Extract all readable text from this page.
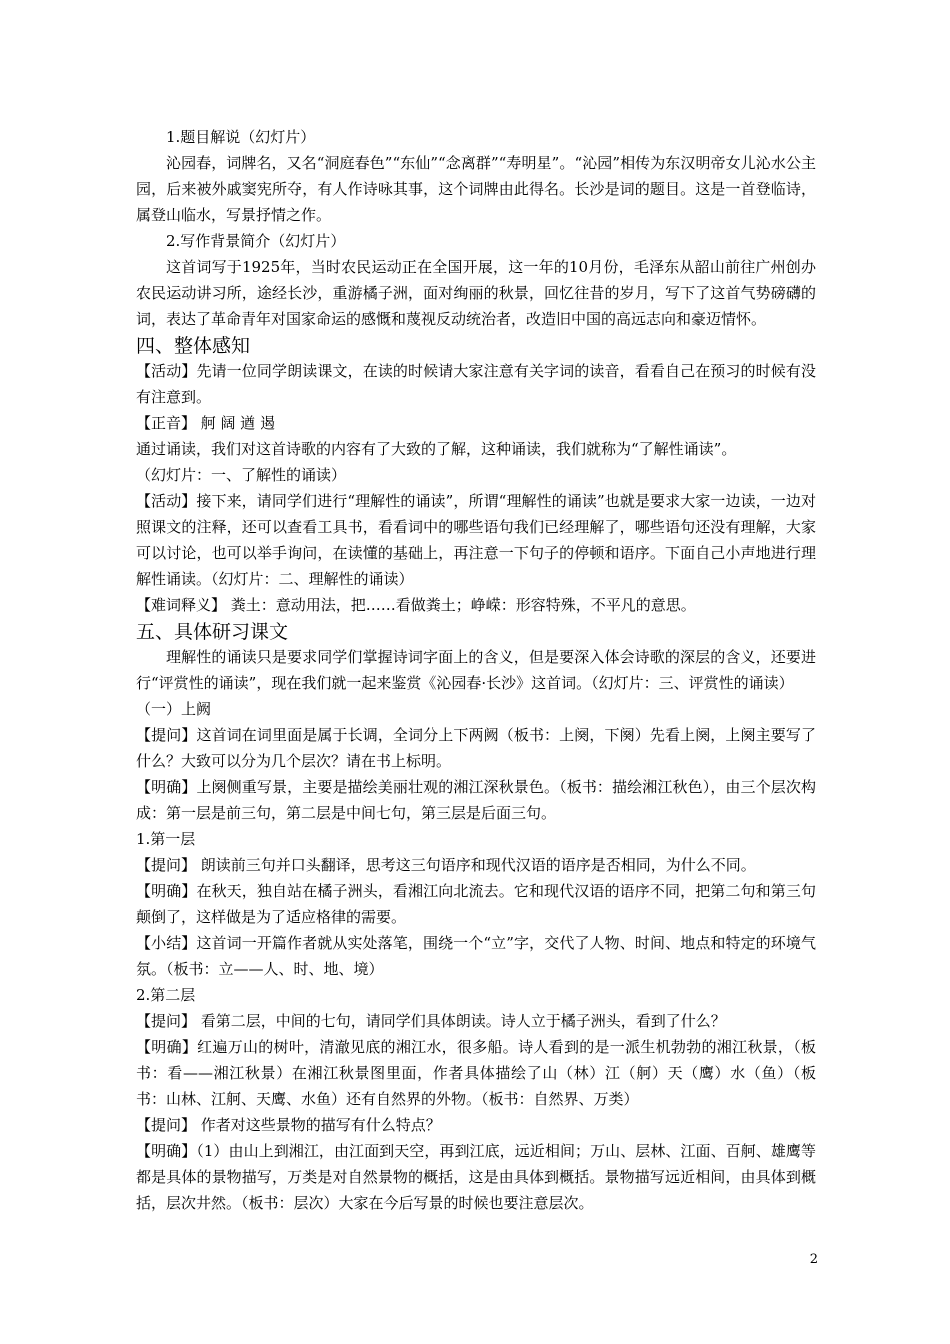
1.题目解说（幻灯片）
沁园春，词牌名，又名“洞庭春色”“东仙”“念离群”“寿明星”。“沁园”相传为东汉明帝女儿沁水公主园，后来被外戚窦宪所夺，有人作诗咏其事，这个词牌由此得名。长沙是词的题目。这是一首登临诗，属登山临水，写景抒情之作。
2.写作背景简介（幻灯片）
这首词写于1925年，当时农民运动正在全国开展，这一年的10月份，毛泽东从韶山前往广州创办农民运动讲习所，途经长沙，重游橘子洲，面对绚丽的秋景，回忆往昔的岁月，写下了这首气势磅礴的词，表达了革命青年对国家命运的感慨和蔑视反动统治者，改造旧中国的高远志向和豪迈情怀。
四、整体感知
【活动】先请一位同学朗读课文，在读的时候请大家注意有关字词的读音，看看自己在预习的时候有没有注意到。
【正音】 舸 阔 遒 遏
通过诵读，我们对这首诗歌的内容有了大致的了解，这种诵读，我们就称为“了解性诵读”。
（幻灯片：一、了解性的诵读）
【活动】接下来，请同学们进行“理解性的诵读”，所谓“理解性的诵读”也就是要求大家一边读，一边对照课文的注释，还可以查看工具书，看看词中的哪些语句我们已经理解了，哪些语句还没有理解，大家可以讨论，也可以举手询问，在读懂的基础上，再注意一下句子的停顿和语序。下面自己小声地进行理解性诵读。（幻灯片：二、理解性的诵读）
【难词释义】 粪土：意动用法，把……看做粪土；峥嵘：形容特殊，不平凡的意思。
五、具体研习课文
理解性的诵读只是要求同学们掌握诗词字面上的含义，但是要深入体会诗歌的深层的含义，还要进行“评赏性的诵读”，现在我们就一起来鉴赏《沁园春·长沙》这首词。（幻灯片：三、评赏性的诵读）
（一）上阙
【提问】这首词在词里面是属于长调，全词分上下两阙（板书：上阕，下阕）先看上阕，上阕主要写了什么？大致可以分为几个层次？请在书上标明。
【明确】上阕侧重写景，主要是描绘美丽壮观的湘江深秋景色。（板书：描绘湘江秋色），由三个层次构成：第一层是前三句，第二层是中间七句，第三层是后面三句。
1.第一层
【提问】 朗读前三句并口头翻译，思考这三句语序和现代汉语的语序是否相同，为什么不同。
【明确】在秋天，独自站在橘子洲头，看湘江向北流去。它和现代汉语的语序不同，把第二句和第三句颠倒了，这样做是为了适应格律的需要。
【小结】这首词一开篇作者就从实处落笔，围绕一个“立”字，交代了人物、时间、地点和特定的环境气氛。（板书：立——人、时、地、境）
2.第二层
【提问】 看第二层，中间的七句，请同学们具体朗读。诗人立于橘子洲头，看到了什么？
【明确】红遍万山的树叶，清澈见底的湘江水，很多船。诗人看到的是一派生机勃勃的湘江秋景，（板书：看——湘江秋景）在湘江秋景图里面，作者具体描绘了山（林）江（舸）天（鹰）水（鱼）（板书：山林、江舸、天鹰、水鱼）还有自然界的外物。（板书：自然界、万类）
【提问】 作者对这些景物的描写有什么特点？
【明确】（1）由山上到湘江，由江面到天空，再到江底，远近相间；万山、层林、江面、百舸、雄鹰等都是具体的景物描写，万类是对自然景物的概括，这是由具体到概括。景物描写远近相间，由具体到概括，层次井然。（板书：层次）大家在今后写景的时候也要注意层次。
2
